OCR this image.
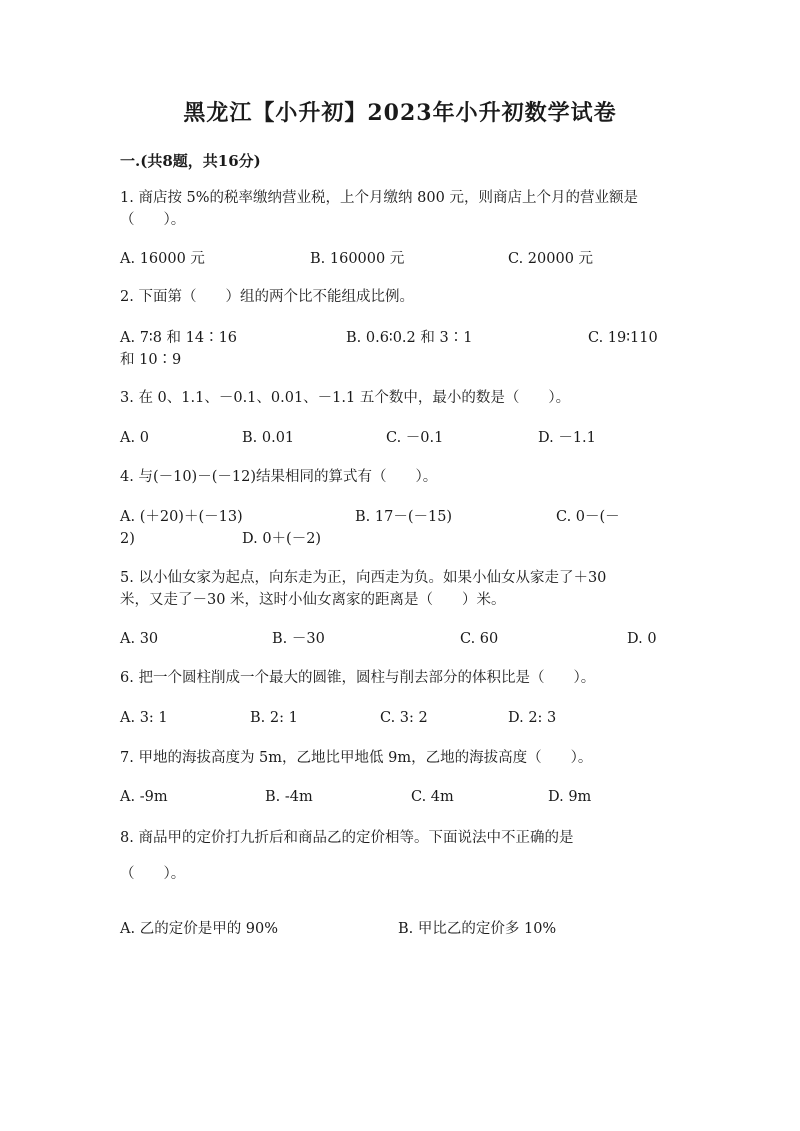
黑龙江【小升初】2023年小升初数学试卷
一.(共8题，共16分)
1. 商店按 5%的税率缴纳营业税，上个月缴纳 800 元，则商店上个月的营业额是
（　　）。
A. 16000 元	B. 160000 元	C. 20000 元
2. 下面第（　　）组的两个比不能组成比例。
A. 7∶8 和 14∶16	B. 0.6∶0.2 和 3∶1	C. 19∶110
和 10∶9
3. 在 0、1.1、－0.1、0.01、－1.1 五个数中，最小的数是（　　）。
A. 0	B. 0.01	C. －0.1	D. －1.1
4. 与(－10)－(－12)结果相同的算式有（　　）。
A. (＋20)＋(－13)	B. 17－(－15)	C. 0－(－
2)	D. 0＋(－2)
5. 以小仙女家为起点，向东走为正，向西走为负。如果小仙女从家走了＋30
米，又走了－30 米，这时小仙女离家的距离是（　　）米。
A. 30	B. －30	C. 60	D. 0
6. 把一个圆柱削成一个最大的圆锥，圆柱与削去部分的体积比是（　　）。
A. 3: 1	B. 2: 1	C. 3: 2	D. 2: 3
7. 甲地的海拔高度为 5m，乙地比甲地低 9m，乙地的海拔高度（　　）。
A. -9m	B. -4m	C. 4m	D. 9m
8. 商品甲的定价打九折后和商品乙的定价相等。下面说法中不正确的是
（　　）。
A. 乙的定价是甲的 90%	B. 甲比乙的定价多 10%
